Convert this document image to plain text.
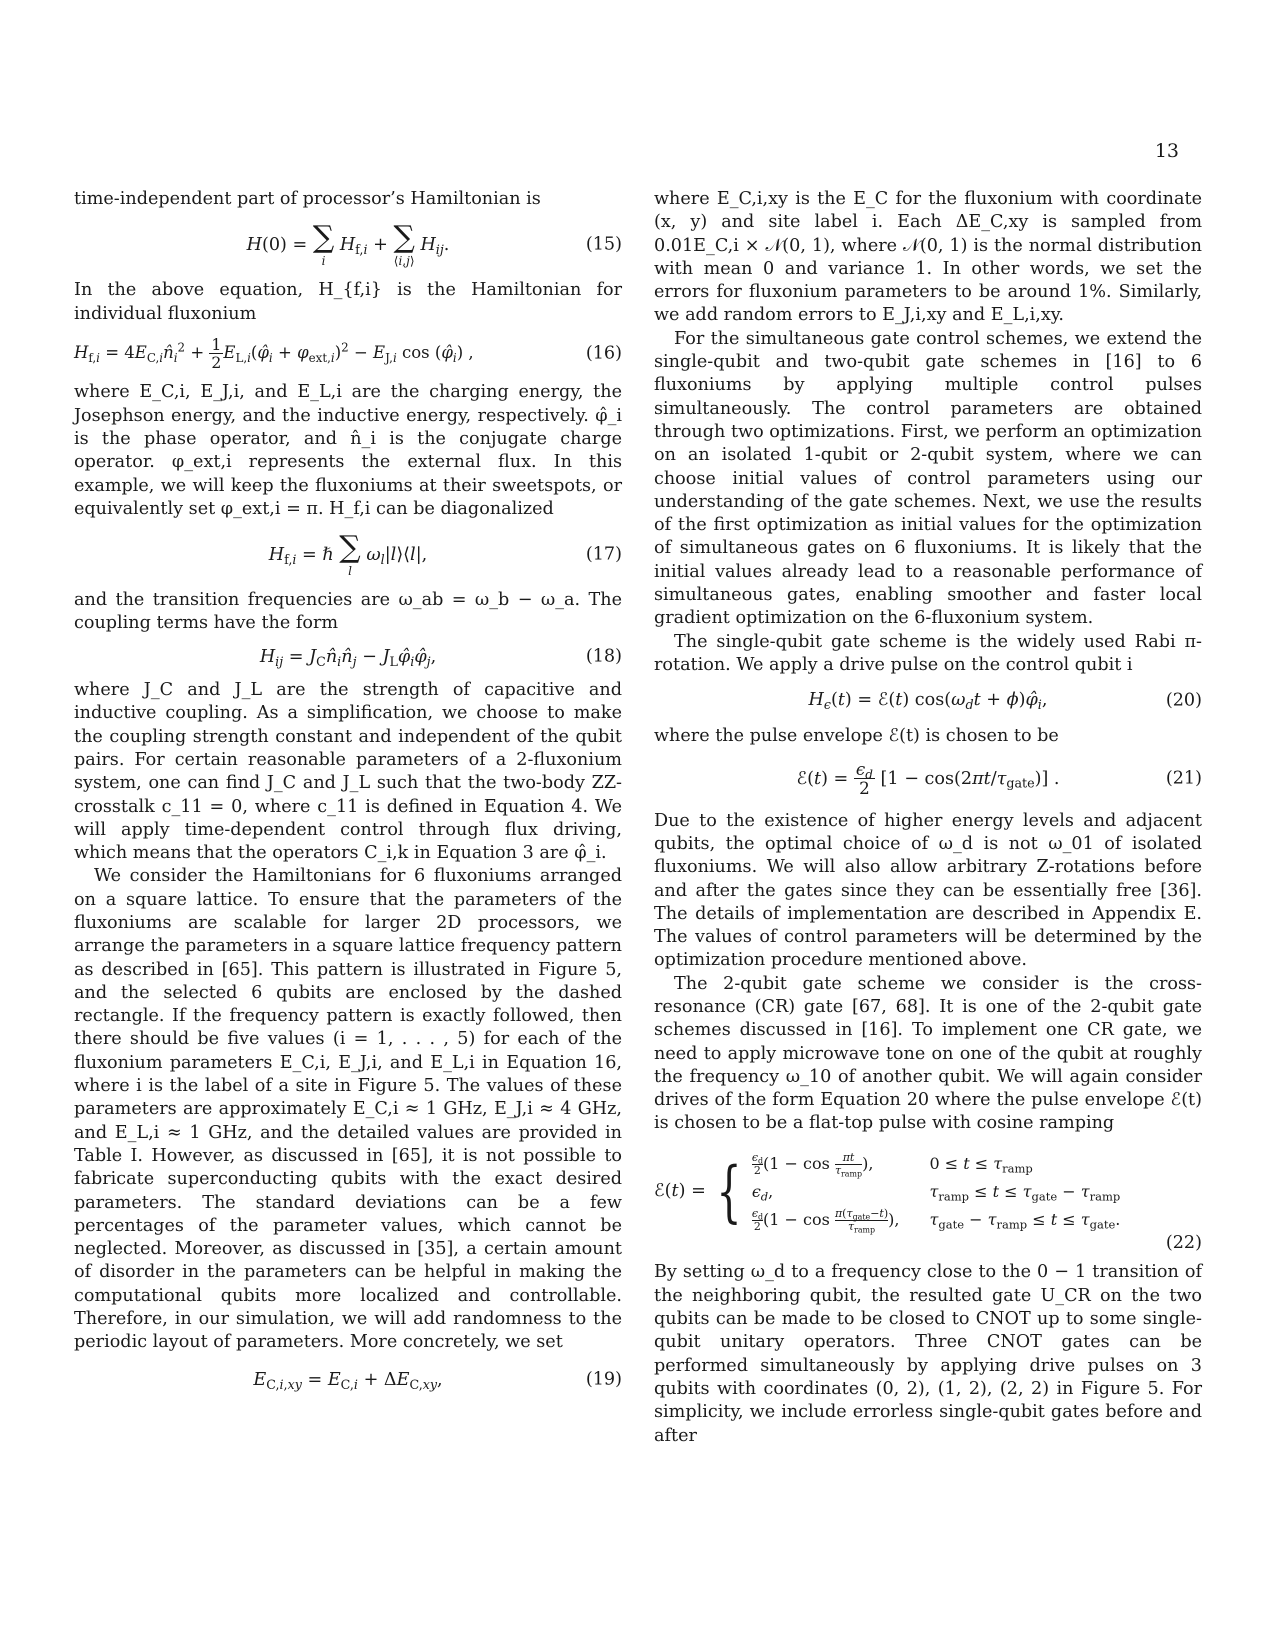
13

time-independent part of processor’s Hamiltonian is

H(0) = ∑
i
$H_{f,i}$ + ∑
⟨i,j⟩
$H_{ij}$.	(15)

In the above equation, H_{f,i} is the Hamiltonian for individual fluxonium

$H_{f,i}$ = $4E_{C,i}n̂_i^2 + \frac{1}{2}$ $E_{L,i}(\varphî_i + \varphi_{ext,i})^2 - E_{J,i}$ $\cos (\varphî_i)$ ,	(16)

where E_C,i, E_J,i, and E_L,i are the charging energy, the Josephson energy, and the inductive energy, respectively. φ̂_i is the phase operator, and n̂_i is the conjugate charge operator. φ_ext,i represents the external flux. In this example, we will keep the fluxoniums at their sweetspots, or equivalently set φ_ext,i = π. H_f,i can be diagonalized

$H_{f,i}$ = ℏ ∑
l
$\omega_l|l⟩⟨l|$,	(17)

and the transition frequencies are ω_ab = ω_b − ω_a. The coupling terms have the form

$H_{ij}$ = $J_Cn̂_in̂_j$ − $J_L\varphî_i\varphî_j$,	(18)

where J_C and J_L are the strength of capacitive and inductive coupling. As a simplification, we choose to make the coupling strength constant and independent of the qubit pairs. For certain reasonable parameters of a 2-fluxonium system, one can find J_C and J_L such that the two-body ZZ-crosstalk c_11 = 0, where c_11 is defined in Equation 4. We will apply time-dependent control through flux driving, which means that the operators C_i,k in Equation 3 are φ̂_i.

We consider the Hamiltonians for 6 fluxoniums arranged on a square lattice. To ensure that the parameters of the fluxoniums are scalable for larger 2D processors, we arrange the parameters in a square lattice frequency pattern as described in [65]. This pattern is illustrated in Figure 5, and the selected 6 qubits are enclosed by the dashed rectangle. If the frequency pattern is exactly followed, then there should be five values (i = 1, . . . , 5) for each of the fluxonium parameters E_C,i, E_J,i, and E_L,i in Equation 16, where i is the label of a site in Figure 5. The values of these parameters are approximately E_C,i ≈ 1 GHz, E_J,i ≈ 4 GHz, and E_L,i ≈ 1 GHz, and the detailed values are provided in Table I. However, as discussed in [65], it is not possible to fabricate superconducting qubits with the exact desired parameters. The standard deviations can be a few percentages of the parameter values, which cannot be neglected. Moreover, as discussed in [35], a certain amount of disorder in the parameters can be helpful in making the computational qubits more localized and controllable. Therefore, in our simulation, we will add randomness to the periodic layout of parameters. More concretely, we set

$E_{C,i,xy} = E_{C,i} + \Delta E_{C,xy}$,	(19)

where E_C,i,xy is the E_C for the fluxonium with coordinate (x, y) and site label i. Each ΔE_C,xy is sampled from 0.01E_C,i × 𝒩(0, 1), where 𝒩(0, 1) is the normal distribution with mean 0 and variance 1. In other words, we set the errors for fluxonium parameters to be around 1%. Similarly, we add random errors to E_J,i,xy and E_L,i,xy.

For the simultaneous gate control schemes, we extend the single-qubit and two-qubit gate schemes in [16] to 6 fluxoniums by applying multiple control pulses simultaneously. The control parameters are obtained through two optimizations. First, we perform an optimization on an isolated 1-qubit or 2-qubit system, where we can choose initial values of control parameters using our understanding of the gate schemes. Next, we use the results of the first optimization as initial values for the optimization of simultaneous gates on 6 fluxoniums. It is likely that the initial values already lead to a reasonable performance of simultaneous gates, enabling smoother and faster local gradient optimization on the 6-fluxonium system.

The single-qubit gate scheme is the widely used Rabi π-rotation. We apply a drive pulse on the control qubit i

$H_\epsilon(t)$ = ℰ(t) $\cos(\omega_dt$ + $\phi)\varphî_i$,	(20)

where the pulse envelope ℰ(t) is chosen to be

ℰ(t) = $\frac{\epsilon_d}{2} [1 - \cos(2\pi t/\tau_{gate})]$ .	(21)

Due to the existence of higher energy levels and adjacent qubits, the optimal choice of ω_d is not ω_01 of isolated fluxoniums. We will also allow arbitrary Z-rotations before and after the gates since they can be essentially free [36]. The details of implementation are described in Appendix E. The values of control parameters will be determined by the optimization procedure mentioned above.

The 2-qubit gate scheme we consider is the cross-resonance (CR) gate [67, 68]. It is one of the 2-qubit gate schemes discussed in [16]. To implement one CR gate, we need to apply microwave tone on one of the qubit at roughly the frequency ω_10 of another qubit. We will again consider drives of the form Equation 20 where the pulse envelope ℰ(t) is chosen to be a flat-top pulse with cosine ramping

ℰ(t) = { $\frac{\epsilon_d}{2} (1 - \cos \frac{\pi t}{\tau_{ramp}}$ ),	$0 \le t \le \tau_{ramp}$
$\epsilon_d$,	$\tau_{ramp} \le t \le \tau_{gate} - \tau_{ramp}$
$\frac{\epsilon_d}{2} (1 - \cos \frac{\pi(\tau_{gate}-t)}{\tau_{ramp}}$ ), $\tau_{gate} - \tau_{ramp} \le t \le \tau_{gate}$.
(22)

By setting ω_d to a frequency close to the 0 − 1 transition of the neighboring qubit, the resulted gate U_CR on the two qubits can be made to be closed to CNOT up to some single-qubit unitary operators. Three CNOT gates can be performed simultaneously by applying drive pulses on 3 qubits with coordinates (0, 2), (1, 2), (2, 2) in Figure 5. For simplicity, we include errorless single-qubit gates before and after
